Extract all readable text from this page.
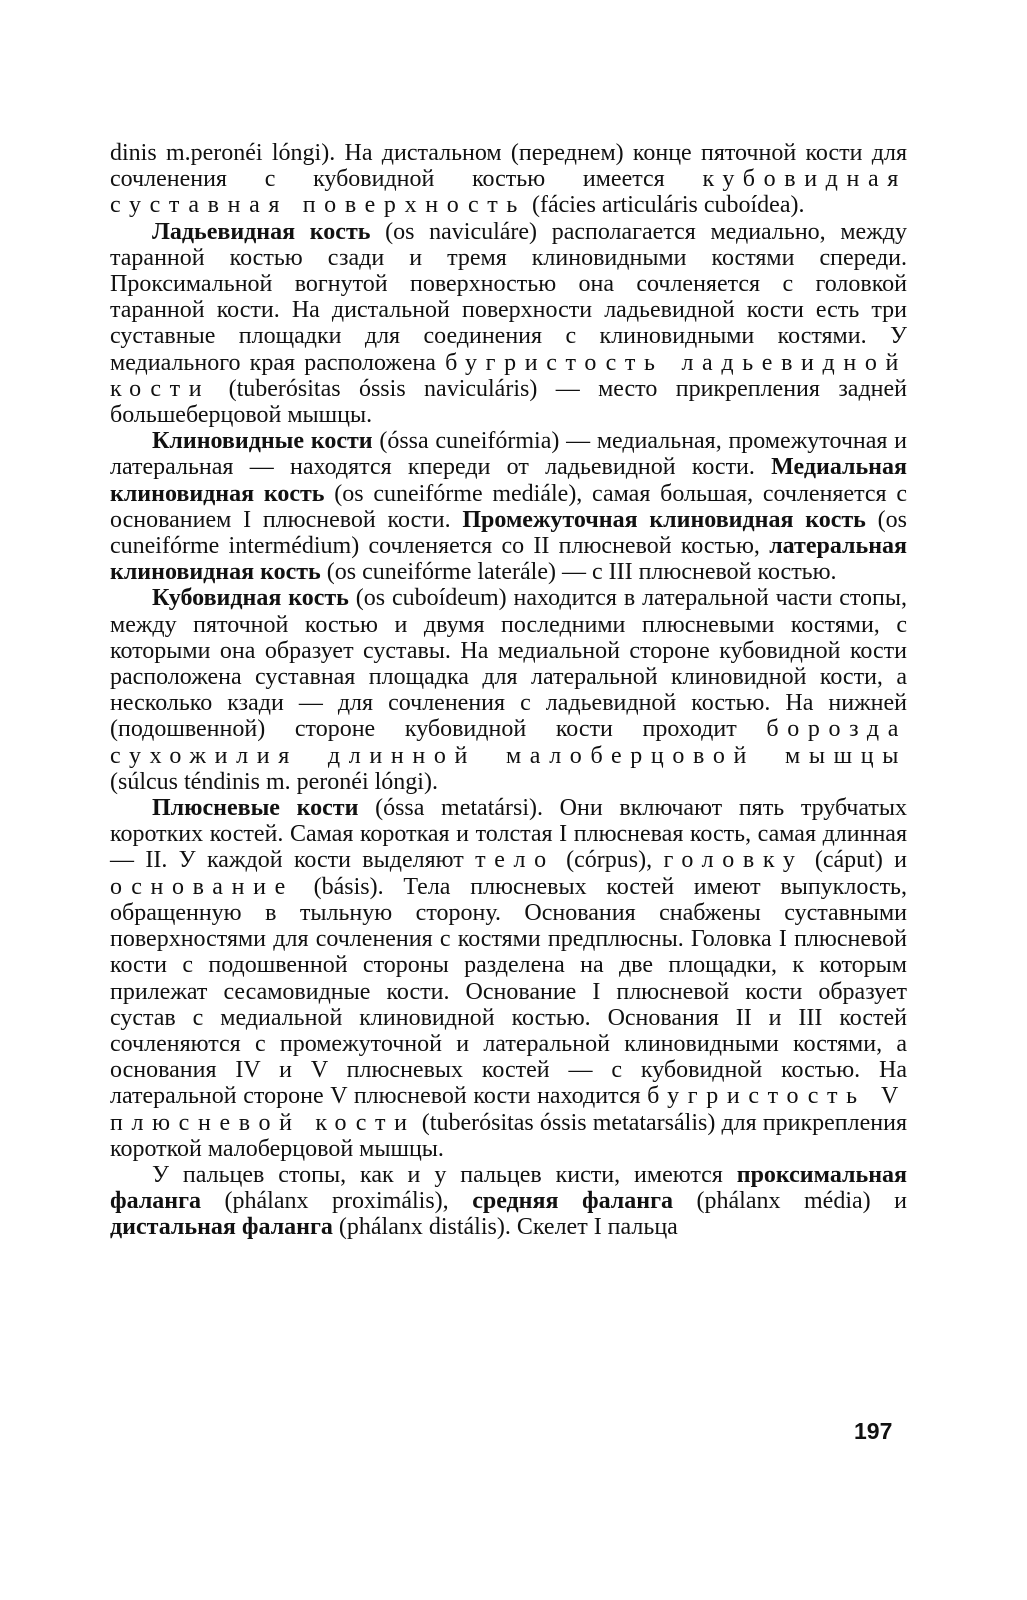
dinis m.peronéi lóngi). На дистальном (переднем) конце пяточной кости для сочленения с кубовидной костью имеется кубовидная суставная поверхность (fácies articuláris cuboídea).

Ладьевидная кость (os naviculáre) располагается медиально, между таранной костью сзади и тремя клиновидными костями спереди. Проксимальной вогнутой поверхностью она сочленяется с головкой таранной кости. На дистальной поверхности ладьевидной кости есть три суставные площадки для соединения с клиновидными костями. У медиального края расположена бугристость ладьевидной кости (tuberósitas óssis naviculáris) — место прикрепления задней большеберцовой мышцы.

Клиновидные кости (óssa cuneifórmia) — медиальная, промежуточная и латеральная — находятся кпереди от ладьевидной кости. Медиальная клиновидная кость (os cuneifórme mediále), самая большая, сочленяется с основанием I плюсневой кости. Промежуточная клиновидная кость (os cuneifórme intermédium) сочленяется со II плюсневой костью, латеральная клиновидная кость (os cuneifórme laterále) — с III плюсневой костью.

Кубовидная кость (os cuboídeum) находится в латеральной части стопы, между пяточной костью и двумя последними плюсневыми костями, с которыми она образует суставы. На медиальной стороне кубовидной кости расположена суставная площадка для латеральной клиновидной кости, а несколько кзади — для сочленения с ладьевидной костью. На нижней (подошвенной) стороне кубовидной кости проходит борозда сухожилия длинной малоберцовой мышцы (súlcus téndinis m. peronéi lóngi).

Плюсневые кости (óssa metatársi). Они включают пять трубчатых коротких костей. Самая короткая и толстая I плюсневая кость, самая длинная — II. У каждой кости выделяют тело (córpus), головку (cáput) и основание (básis). Тела плюсневых костей имеют выпуклость, обращенную в тыльную сторону. Основания снабжены суставными поверхностями для сочленения с костями предплюсны. Головка I плюсневой кости с подошвенной стороны разделена на две площадки, к которым прилежат сесамовидные кости. Основание I плюсневой кости образует сустав с медиальной клиновидной костью. Основания II и III костей сочленяются с промежуточной и латеральной клиновидными костями, а основания IV и V плюсневых костей — с кубовидной костью. На латеральной стороне V плюсневой кости находится бугристость V плюсневой кости (tuberósitas óssis metatarsális) для прикрепления короткой малоберцовой мышцы.

У пальцев стопы, как и у пальцев кисти, имеются проксимальная фаланга (phálanx proximális), средняя фаланга (phálanx média) и дистальная фаланга (phálanx distális). Скелет I пальца

197
